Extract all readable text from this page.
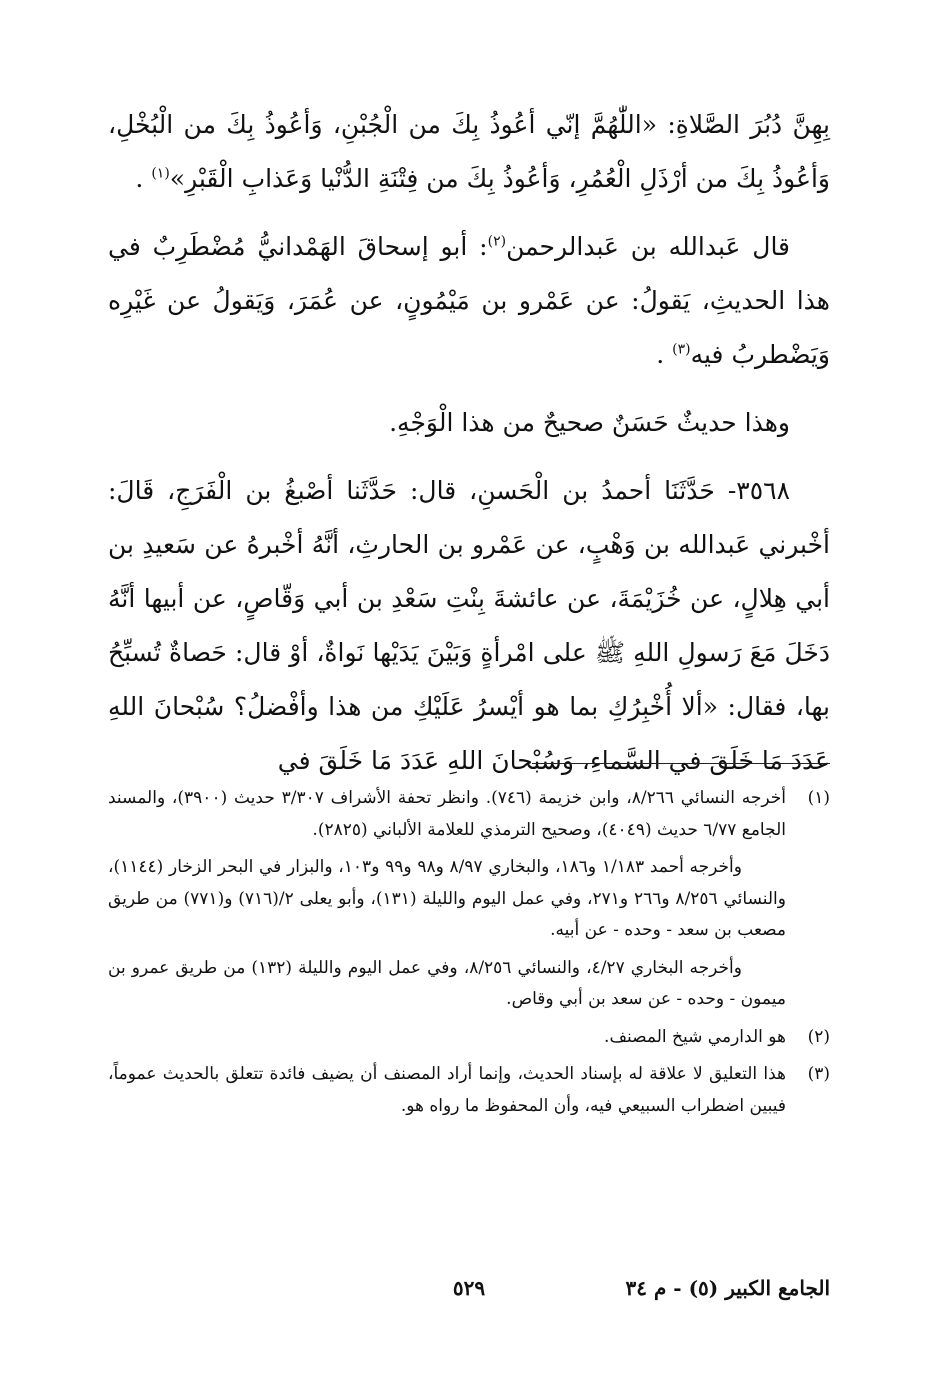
بِهِنَّ دُبُرَ الصَّلاةِ: «اللّٰهُمَّ إنّي أعُوذُ بِكَ من الْجُبْنِ، وَأعُوذُ بِكَ من الْبُخْلِ، وَأعُوذُ بِكَ من أرْذَلِ الْعُمُرِ، وَأعُوذُ بِكَ من فِتْنَةِ الدُّنْيا وَعَذابِ الْقَبْرِ»$^{(١)}$ .

قال عَبدالله بن عَبدالرحمن$^{(٢)}$: أبو إسحاقَ الهَمْدانيُّ مُضْطَرِبٌ في هذا الحديثِ، يَقولُ: عن عَمْرو بن مَيْمُونٍ، عن عُمَرَ، وَيَقولُ عن غَيْرِه وَيَضْطربُ فيه$^{(٣)}$ .

وهذا حديثٌ حَسَنٌ صحيحٌ من هذا الْوَجْهِ.

٣٥٦٨- حَدَّثَنَا أحمدُ بن الْحَسنِ، قال: حَدَّثَنا أصْبغُ بن الْفَرَجِ، قَالَ: أخْبرني عَبدالله بن وَهْبٍ، عن عَمْرو بن الحارثِ، أنَّهُ أخْبرهُ عن سَعيدِ بن أبي هِلالٍ، عن خُزَيْمَةَ، عن عائشةَ بِنْتِ سَعْدِ بن أبي وَقّاصٍ، عن أبيها أنَّهُ دَخَلَ مَعَ رَسولِ اللهِ ﷺ على امْرأةٍ وَبَيْنَ يَدَيْها نَواةٌ، أوْ قال: حَصاةٌ تُسبِّحُ بها، فقال: «ألا أُخْبِرُكِ بما هو أيْسرُ عَلَيْكِ من هذا وأفْضلُ؟ سُبْحانَ اللهِ عَدَدَ مَا خَلَقَ في السَّماءِ، وَسُبْحانَ اللهِ عَدَدَ مَا خَلَقَ في

(١)
أخرجه النسائي ٨/٢٦٦، وابن خزيمة (٧٤٦). وانظر تحفة الأشراف ٣/٣٠٧ حديث (٣٩٠٠)، والمسند الجامع ٦/٧٧ حديث (٤٠٤٩)، وصحيح الترمذي للعلامة الألباني (٢٨٢٥).
وأخرجه أحمد ١/١٨٣ و١٨٦، والبخاري ٨/٩٧ و٩٨ و٩٩ و١٠٣، والبزار في البحر الزخار (١١٤٤)، والنسائي ٨/٢٥٦ و٢٦٦ و٢٧١، وفي عمل اليوم والليلة (١٣١)، وأبو يعلى ٢/(٧١٦) و(٧٧١) من طريق مصعب بن سعد - وحده - عن أبيه.
وأخرجه البخاري ٤/٢٧، والنسائي ٨/٢٥٦، وفي عمل اليوم والليلة (١٣٢) من طريق عمرو بن ميمون - وحده - عن سعد بن أبي وقاص.
(٢)
هو الدارمي شيخ المصنف.
(٣)
هذا التعليق لا علاقة له بإسناد الحديث، وإنما أراد المصنف أن يضيف فائدة تتعلق بالحديث عموماً، فيبين اضطراب السبيعي فيه، وأن المحفوظ ما رواه هو.
الجامع الكبير (٥) - م ٣٤
٥٢٩
